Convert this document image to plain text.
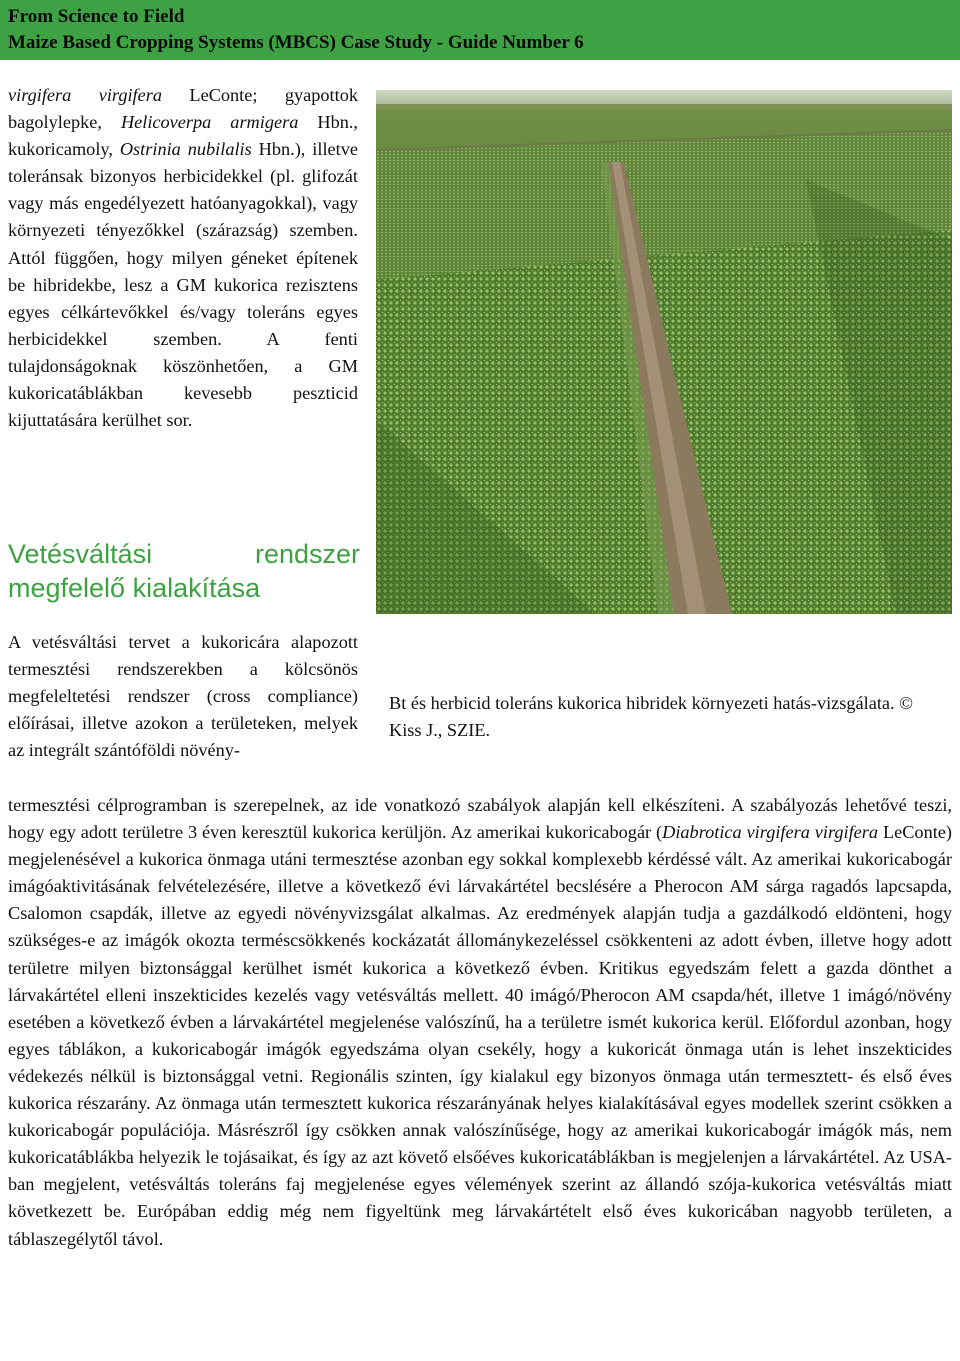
From Science to Field
Maize Based Cropping Systems (MBCS) Case Study - Guide Number 6

virgifera virgifera LeConte; gyapottok bagolylepke, Helicoverpa armigera Hbn., kukoricamoly, Ostrinia nubilalis Hbn.), illetve toleránsak bizonyos herbicidekkel (pl. glifozát vagy más engedélyezett hatóanyagokkal), vagy környezeti tényezőkkel (szárazság) szemben. Attól függően, hogy milyen géneket építenek be hibridekbe, lesz a GM kukorica rezisztens egyes célkártevőkkel és/vagy toleráns egyes herbicidekkel szemben. A fenti tulajdonságoknak köszönhetően, a GM kukoricatáblákban kevesebb peszticid kijuttatására kerülhet sor.

Vetésváltási	rendszer
megfelelő kialakítása

A vetésváltási tervet a kukoricára alapozott termesztési rendszerekben a kölcsönös megfeleltetési rendszer (cross compliance) előírásai, illetve azokon a területeken, melyek az integrált szántóföldi növény-

Bt és herbicid toleráns kukorica hibridek környezeti hatás-vizsgálata. © Kiss J., SZIE.

termesztési célprogramban is szerepelnek, az ide vonatkozó szabályok alapján kell elkészíteni. A szabályozás lehetővé teszi, hogy egy adott területre 3 éven keresztül kukorica kerüljön. Az amerikai kukoricabogár (Diabrotica virgifera virgifera LeConte) megjelenésével a kukorica önmaga utáni termesztése azonban egy sokkal komplexebb kérdéssé vált. Az amerikai kukoricabogár imágóaktivitásának felvételezésére, illetve a következő évi lárvakártétel becslésére a Pherocon AM sárga ragadós lapcsapda, Csalomon csapdák, illetve az egyedi növényvizsgálat alkalmas. Az eredmények alapján tudja a gazdálkodó eldönteni, hogy szükséges-e az imágók okozta terméscsökkenés kockázatát állománykezeléssel csökkenteni az adott évben, illetve hogy adott területre milyen biztonsággal kerülhet ismét kukorica a következő évben. Kritikus egyedszám felett a gazda dönthet a lárvakártétel elleni inszekticides kezelés vagy vetésváltás mellett. 40 imágó/Pherocon AM csapda/hét, illetve 1 imágó/növény esetében a következő évben a lárvakártétel megjelenése valószínű, ha a területre ismét kukorica kerül. Előfordul azonban, hogy egyes táblákon, a kukoricabogár imágók egyedszáma olyan csekély, hogy a kukoricát önmaga után is lehet inszekticides védekezés nélkül is biztonsággal vetni. Regionális szinten, így kialakul egy bizonyos önmaga után termesztett- és első éves kukorica részarány. Az önmaga után termesztett kukorica részarányának helyes kialakításával egyes modellek szerint csökken a kukoricabogár populációja. Másrészről így csökken annak valószínűsége, hogy az amerikai kukoricabogár imágók más, nem kukoricatáblákba helyezik le tojásaikat, és így az azt követő elsőéves kukoricatáblákban is megjelenjen a lárvakártétel. Az USA-ban megjelent, vetésváltás toleráns faj megjelenése egyes vélemények szerint az állandó szója-kukorica vetésváltás miatt következett be. Európában eddig még nem figyeltünk meg lárvakártételt első éves kukoricában nagyobb területen, a táblaszegélytől távol.
